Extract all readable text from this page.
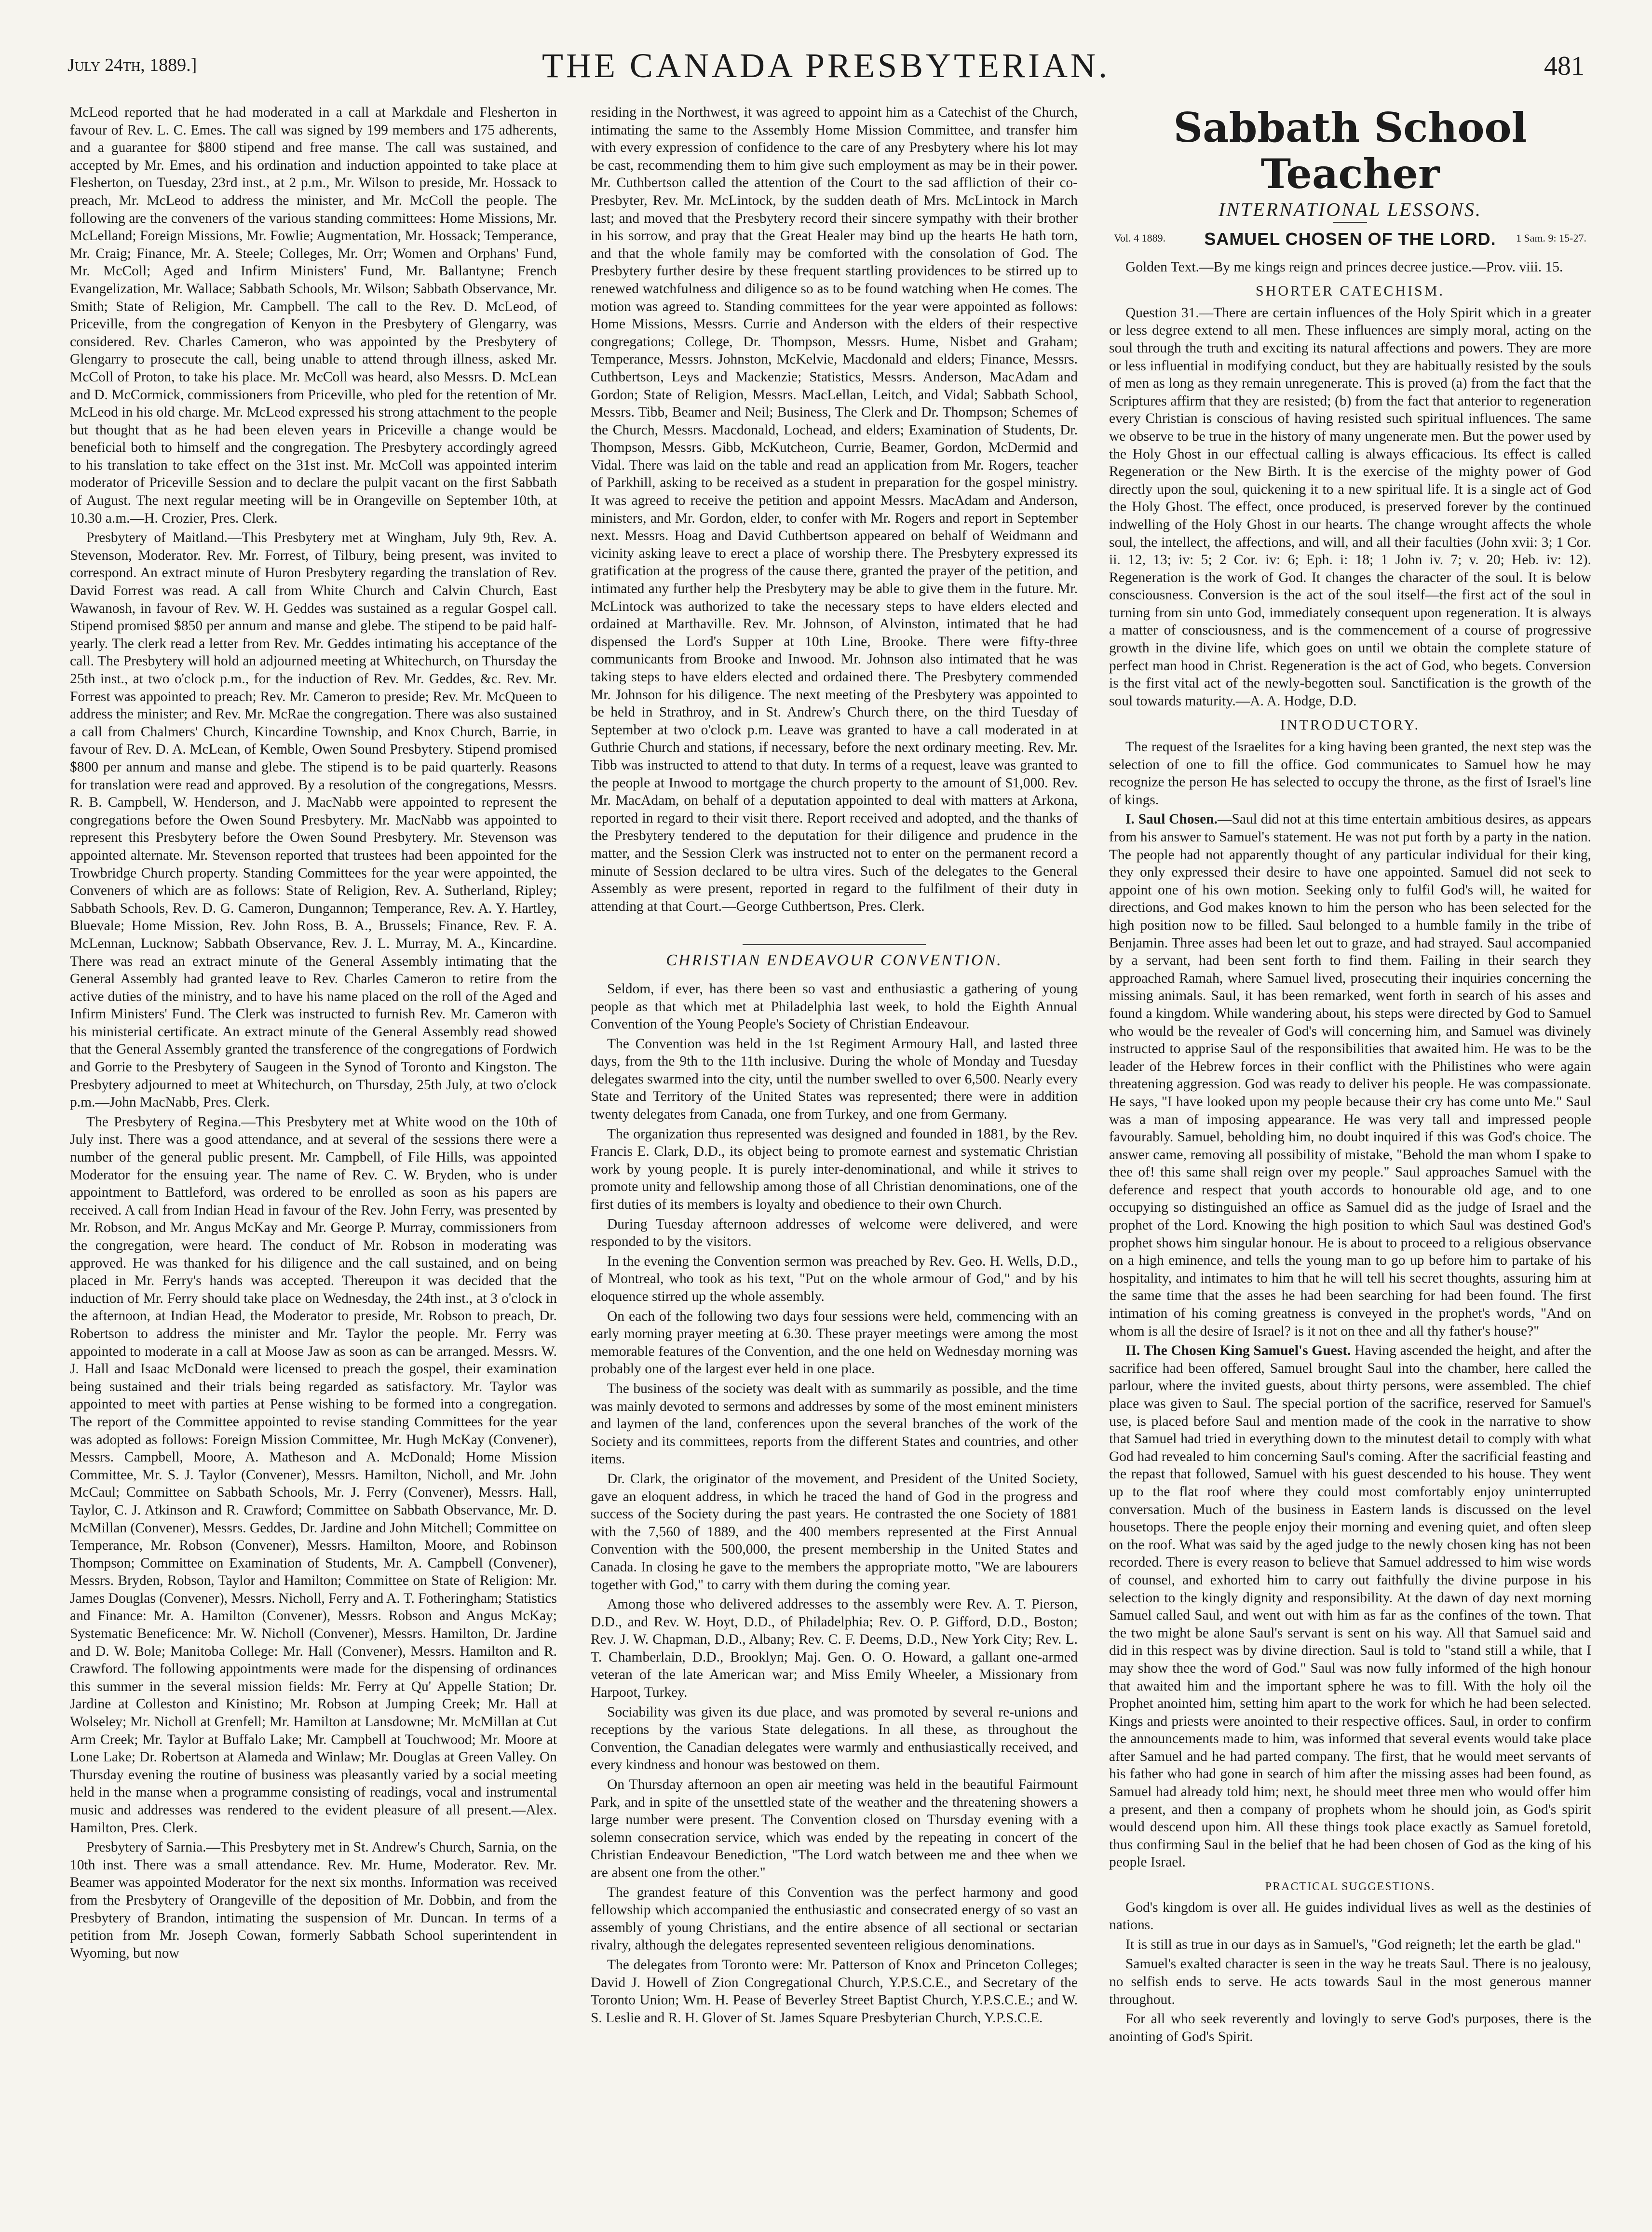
July 24th, 1889.]	THE CANADA PRESBYTERIAN.	481

McLeod reported that he had moderated in a call at Markdale and Flesherton in favour of Rev. L. C. Emes. The call was signed by 199 members and 175 adherents, and a guarantee for $800 stipend and free manse. The call was sustained, and accepted by Mr. Emes, and his ordination and induction appointed to take place at Flesherton, on Tuesday, 23rd inst., at 2 p.m., Mr. Wilson to preside, Mr. Hossack to preach, Mr. McLeod to address the minister, and Mr. McColl the people. The following are the conveners of the various standing committees: Home Missions, Mr. McLelland; Foreign Missions, Mr. Fowlie; Augmentation, Mr. Hossack; Temperance, Mr. Craig; Finance, Mr. A. Steele; Colleges, Mr. Orr; Women and Orphans' Fund, Mr. McColl; Aged and Infirm Ministers' Fund, Mr. Ballantyne; French Evangelization, Mr. Wallace; Sabbath Schools, Mr. Wilson; Sabbath Observance, Mr. Smith; State of Religion, Mr. Campbell. The call to the Rev. D. McLeod, of Priceville, from the congregation of Kenyon in the Presbytery of Glengarry, was considered. Rev. Charles Cameron, who was appointed by the Presbytery of Glengarry to prosecute the call, being unable to attend through illness, asked Mr. McColl of Proton, to take his place. Mr. McColl was heard, also Messrs. D. McLean and D. McCormick, commissioners from Priceville, who pled for the retention of Mr. McLeod in his old charge. Mr. McLeod expressed his strong attachment to the people but thought that as he had been eleven years in Priceville a change would be beneficial both to himself and the congregation. The Presbytery accordingly agreed to his translation to take effect on the 31st inst. Mr. McColl was appointed interim moderator of Priceville Session and to declare the pulpit vacant on the first Sabbath of August. The next regular meeting will be in Orangeville on September 10th, at 10.30 a.m.—H. Crozier, Pres. Clerk.

Presbytery of Maitland.—This Presbytery met at Wingham, July 9th, Rev. A. Stevenson, Moderator. Rev. Mr. Forrest, of Tilbury, being present, was invited to correspond. An extract minute of Huron Presbytery regarding the translation of Rev. David Forrest was read. A call from White Church and Calvin Church, East Wawanosh, in favour of Rev. W. H. Geddes was sustained as a regular Gospel call. Stipend promised $850 per annum and manse and glebe. The stipend to be paid half-yearly. The clerk read a letter from Rev. Mr. Geddes intimating his acceptance of the call. The Presbytery will hold an adjourned meeting at Whitechurch, on Thursday the 25th inst., at two o'clock p.m., for the induction of Rev. Mr. Geddes, &c. Rev. Mr. Forrest was appointed to preach; Rev. Mr. Cameron to preside; Rev. Mr. McQueen to address the minister; and Rev. Mr. McRae the congregation. There was also sustained a call from Chalmers' Church, Kincardine Township, and Knox Church, Barrie, in favour of Rev. D. A. McLean, of Kemble, Owen Sound Presbytery. Stipend promised $800 per annum and manse and glebe. The stipend is to be paid quarterly. Reasons for translation were read and approved. By a resolution of the congregations, Messrs. R. B. Campbell, W. Henderson, and J. MacNabb were appointed to represent the congregations before the Owen Sound Presbytery. Mr. MacNabb was appointed to represent this Presbytery before the Owen Sound Presbytery. Mr. Stevenson was appointed alternate. Mr. Stevenson reported that trustees had been appointed for the Trowbridge Church property. Standing Committees for the year were appointed, the Conveners of which are as follows: State of Religion, Rev. A. Sutherland, Ripley; Sabbath Schools, Rev. D. G. Cameron, Dungannon; Temperance, Rev. A. Y. Hartley, Bluevale; Home Mission, Rev. John Ross, B. A., Brussels; Finance, Rev. F. A. McLennan, Lucknow; Sabbath Observance, Rev. J. L. Murray, M. A., Kincardine. There was read an extract minute of the General Assembly intimating that the General Assembly had granted leave to Rev. Charles Cameron to retire from the active duties of the ministry, and to have his name placed on the roll of the Aged and Infirm Ministers' Fund. The Clerk was instructed to furnish Rev. Mr. Cameron with his ministerial certificate. An extract minute of the General Assembly read showed that the General Assembly granted the transference of the congregations of Fordwich and Gorrie to the Presbytery of Saugeen in the Synod of Toronto and Kingston. The Presbytery adjourned to meet at Whitechurch, on Thursday, 25th July, at two o'clock p.m.—John MacNabb, Pres. Clerk.

The Presbytery of Regina.—This Presbytery met at White wood on the 10th of July inst. There was a good attendance, and at several of the sessions there were a number of the general public present. Mr. Campbell, of File Hills, was appointed Moderator for the ensuing year. The name of Rev. C. W. Bryden, who is under appointment to Battleford, was ordered to be enrolled as soon as his papers are received. A call from Indian Head in favour of the Rev. John Ferry, was presented by Mr. Robson, and Mr. Angus McKay and Mr. George P. Murray, commissioners from the congregation, were heard. The conduct of Mr. Robson in moderating was approved. He was thanked for his diligence and the call sustained, and on being placed in Mr. Ferry's hands was accepted. Thereupon it was decided that the induction of Mr. Ferry should take place on Wednesday, the 24th inst., at 3 o'clock in the afternoon, at Indian Head, the Moderator to preside, Mr. Robson to preach, Dr. Robertson to address the minister and Mr. Taylor the people. Mr. Ferry was appointed to moderate in a call at Moose Jaw as soon as can be arranged. Messrs. W. J. Hall and Isaac McDonald were licensed to preach the gospel, their examination being sustained and their trials being regarded as satisfactory. Mr. Taylor was appointed to meet with parties at Pense wishing to be formed into a congregation. The report of the Committee appointed to revise standing Committees for the year was adopted as follows: Foreign Mission Committee, Mr. Hugh McKay (Convener), Messrs. Campbell, Moore, A. Matheson and A. McDonald; Home Mission Committee, Mr. S. J. Taylor (Convener), Messrs. Hamilton, Nicholl, and Mr. John McCaul; Committee on Sabbath Schools, Mr. J. Ferry (Convener), Messrs. Hall, Taylor, C. J. Atkinson and R. Crawford; Committee on Sabbath Observance, Mr. D. McMillan (Convener), Messrs. Geddes, Dr. Jardine and John Mitchell; Committee on Temperance, Mr. Robson (Convener), Messrs. Hamilton, Moore, and Robinson Thompson; Committee on Examination of Students, Mr. A. Campbell (Convener), Messrs. Bryden, Robson, Taylor and Hamilton; Committee on State of Religion: Mr. James Douglas (Convener), Messrs. Nicholl, Ferry and A. T. Fotheringham; Statistics and Finance: Mr. A. Hamilton (Convener), Messrs. Robson and Angus McKay; Systematic Beneficence: Mr. W. Nicholl (Convener), Messrs. Hamilton, Dr. Jardine and D. W. Bole; Manitoba College: Mr. Hall (Convener), Messrs. Hamilton and R. Crawford. The following appointments were made for the dispensing of ordinances this summer in the several mission fields: Mr. Ferry at Qu' Appelle Station; Dr. Jardine at Colleston and Kinistino; Mr. Robson at Jumping Creek; Mr. Hall at Wolseley; Mr. Nicholl at Grenfell; Mr. Hamilton at Lansdowne; Mr. McMillan at Cut Arm Creek; Mr. Taylor at Buffalo Lake; Mr. Campbell at Touchwood; Mr. Moore at Lone Lake; Dr. Robertson at Alameda and Winlaw; Mr. Douglas at Green Valley. On Thursday evening the routine of business was pleasantly varied by a social meeting held in the manse when a programme consisting of readings, vocal and instrumental music and addresses was rendered to the evident pleasure of all present.—Alex. Hamilton, Pres. Clerk.

Presbytery of Sarnia.—This Presbytery met in St. Andrew's Church, Sarnia, on the 10th inst. There was a small attendance. Rev. Mr. Hume, Moderator. Rev. Mr. Beamer was appointed Moderator for the next six months. Information was received from the Presbytery of Orangeville of the deposition of Mr. Dobbin, and from the Presbytery of Brandon, intimating the suspension of Mr. Duncan. In terms of a petition from Mr. Joseph Cowan, formerly Sabbath School superintendent in Wyoming, but now

residing in the Northwest, it was agreed to appoint him as a Catechist of the Church, intimating the same to the Assembly Home Mission Committee, and transfer him with every expression of confidence to the care of any Presbytery where his lot may be cast, recommending them to him give such employment as may be in their power. Mr. Cuthbertson called the attention of the Court to the sad affliction of their co-Presbyter, Rev. Mr. McLintock, by the sudden death of Mrs. McLintock in March last; and moved that the Presbytery record their sincere sympathy with their brother in his sorrow, and pray that the Great Healer may bind up the hearts He hath torn, and that the whole family may be comforted with the consolation of God. The Presbytery further desire by these frequent startling providences to be stirred up to renewed watchfulness and diligence so as to be found watching when He comes. The motion was agreed to. Standing committees for the year were appointed as follows: Home Missions, Messrs. Currie and Anderson with the elders of their respective congregations; College, Dr. Thompson, Messrs. Hume, Nisbet and Graham; Temperance, Messrs. Johnston, McKelvie, Macdonald and elders; Finance, Messrs. Cuthbertson, Leys and Mackenzie; Statistics, Messrs. Anderson, MacAdam and Gordon; State of Religion, Messrs. MacLellan, Leitch, and Vidal; Sabbath School, Messrs. Tibb, Beamer and Neil; Business, The Clerk and Dr. Thompson; Schemes of the Church, Messrs. Macdonald, Lochead, and elders; Examination of Students, Dr. Thompson, Messrs. Gibb, McKutcheon, Currie, Beamer, Gordon, McDermid and Vidal. There was laid on the table and read an application from Mr. Rogers, teacher of Parkhill, asking to be received as a student in preparation for the gospel ministry. It was agreed to receive the petition and appoint Messrs. MacAdam and Anderson, ministers, and Mr. Gordon, elder, to confer with Mr. Rogers and report in September next. Messrs. Hoag and David Cuthbertson appeared on behalf of Weidmann and vicinity asking leave to erect a place of worship there. The Presbytery expressed its gratification at the progress of the cause there, granted the prayer of the petition, and intimated any further help the Presbytery may be able to give them in the future. Mr. McLintock was authorized to take the necessary steps to have elders elected and ordained at Marthaville. Rev. Mr. Johnson, of Alvinston, intimated that he had dispensed the Lord's Supper at 10th Line, Brooke. There were fifty-three communicants from Brooke and Inwood. Mr. Johnson also intimated that he was taking steps to have elders elected and ordained there. The Presbytery commended Mr. Johnson for his diligence. The next meeting of the Presbytery was appointed to be held in Strathroy, and in St. Andrew's Church there, on the third Tuesday of September at two o'clock p.m. Leave was granted to have a call moderated in at Guthrie Church and stations, if necessary, before the next ordinary meeting. Rev. Mr. Tibb was instructed to attend to that duty. In terms of a request, leave was granted to the people at Inwood to mortgage the church property to the amount of $1,000. Rev. Mr. MacAdam, on behalf of a deputation appointed to deal with matters at Arkona, reported in regard to their visit there. Report received and adopted, and the thanks of the Presbytery tendered to the deputation for their diligence and prudence in the matter, and the Session Clerk was instructed not to enter on the permanent record a minute of Session declared to be ultra vires. Such of the delegates to the General Assembly as were present, reported in regard to the fulfilment of their duty in attending at that Court.—George Cuthbertson, Pres. Clerk.

CHRISTIAN ENDEAVOUR CONVENTION.

Seldom, if ever, has there been so vast and enthusiastic a gathering of young people as that which met at Philadelphia last week, to hold the Eighth Annual Convention of the Young People's Society of Christian Endeavour.

The Convention was held in the 1st Regiment Armoury Hall, and lasted three days, from the 9th to the 11th inclusive. During the whole of Monday and Tuesday delegates swarmed into the city, until the number swelled to over 6,500. Nearly every State and Territory of the United States was represented; there were in addition twenty delegates from Canada, one from Turkey, and one from Germany.

The organization thus represented was designed and founded in 1881, by the Rev. Francis E. Clark, D.D., its object being to promote earnest and systematic Christian work by young people. It is purely inter-denominational, and while it strives to promote unity and fellowship among those of all Christian denominations, one of the first duties of its members is loyalty and obedience to their own Church.

During Tuesday afternoon addresses of welcome were delivered, and were responded to by the visitors.

In the evening the Convention sermon was preached by Rev. Geo. H. Wells, D.D., of Montreal, who took as his text, "Put on the whole armour of God," and by his eloquence stirred up the whole assembly.

On each of the following two days four sessions were held, commencing with an early morning prayer meeting at 6.30. These prayer meetings were among the most memorable features of the Convention, and the one held on Wednesday morning was probably one of the largest ever held in one place.

The business of the society was dealt with as summarily as possible, and the time was mainly devoted to sermons and addresses by some of the most eminent ministers and laymen of the land, conferences upon the several branches of the work of the Society and its committees, reports from the different States and countries, and other items.

Dr. Clark, the originator of the movement, and President of the United Society, gave an eloquent address, in which he traced the hand of God in the progress and success of the Society during the past years. He contrasted the one Society of 1881 with the 7,560 of 1889, and the 400 members represented at the First Annual Convention with the 500,000, the present membership in the United States and Canada. In closing he gave to the members the appropriate motto, "We are labourers together with God," to carry with them during the coming year.

Among those who delivered addresses to the assembly were Rev. A. T. Pierson, D.D., and Rev. W. Hoyt, D.D., of Philadelphia; Rev. O. P. Gifford, D.D., Boston; Rev. J. W. Chapman, D.D., Albany; Rev. C. F. Deems, D.D., New York City; Rev. L. T. Chamberlain, D.D., Brooklyn; Maj. Gen. O. O. Howard, a gallant one-armed veteran of the late American war; and Miss Emily Wheeler, a Missionary from Harpoot, Turkey.

Sociability was given its due place, and was promoted by several re-unions and receptions by the various State delegations. In all these, as throughout the Convention, the Canadian delegates were warmly and enthusiastically received, and every kindness and honour was bestowed on them.

On Thursday afternoon an open air meeting was held in the beautiful Fairmount Park, and in spite of the unsettled state of the weather and the threatening showers a large number were present. The Convention closed on Thursday evening with a solemn consecration service, which was ended by the repeating in concert of the Christian Endeavour Benediction, "The Lord watch between me and thee when we are absent one from the other."

The grandest feature of this Convention was the perfect harmony and good fellowship which accompanied the enthusiastic and consecrated energy of so vast an assembly of young Christians, and the entire absence of all sectional or sectarian rivalry, although the delegates represented seventeen religious denominations.

The delegates from Toronto were: Mr. Patterson of Knox and Princeton Colleges; David J. Howell of Zion Congregational Church, Y.P.S.C.E., and Secretary of the Toronto Union; Wm. H. Pease of Beverley Street Baptist Church, Y.P.S.C.E.; and W. S. Leslie and R. H. Glover of St. James Square Presbyterian Church, Y.P.S.C.E.

Sabbath School Teacher
INTERNATIONAL LESSONS.
Vol. 4 1889.	SAMUEL CHOSEN OF THE LORD.	1 Sam. 9: 15-27.

Golden Text.—By me kings reign and princes decree justice.—Prov. viii. 15.

SHORTER CATECHISM.

Question 31.—There are certain influences of the Holy Spirit which in a greater or less degree extend to all men. These influences are simply moral, acting on the soul through the truth and exciting its natural affections and powers. They are more or less influential in modifying conduct, but they are habitually resisted by the souls of men as long as they remain unregenerate. This is proved (a) from the fact that the Scriptures affirm that they are resisted; (b) from the fact that anterior to regeneration every Christian is conscious of having resisted such spiritual influences. The same we observe to be true in the history of many ungenerate men. But the power used by the Holy Ghost in our effectual calling is always efficacious. Its effect is called Regeneration or the New Birth. It is the exercise of the mighty power of God directly upon the soul, quickening it to a new spiritual life. It is a single act of God the Holy Ghost. The effect, once produced, is preserved forever by the continued indwelling of the Holy Ghost in our hearts. The change wrought affects the whole soul, the intellect, the affections, and will, and all their faculties (John xvii: 3; 1 Cor. ii. 12, 13; iv: 5; 2 Cor. iv: 6; Eph. i: 18; 1 John iv. 7; v. 20; Heb. iv: 12). Regeneration is the work of God. It changes the character of the soul. It is below consciousness. Conversion is the act of the soul itself—the first act of the soul in turning from sin unto God, immediately consequent upon regeneration. It is always a matter of consciousness, and is the commencement of a course of progressive growth in the divine life, which goes on until we obtain the complete stature of perfect man hood in Christ. Regeneration is the act of God, who begets. Conversion is the first vital act of the newly-begotten soul. Sanctification is the growth of the soul towards maturity.—A. A. Hodge, D.D.

INTRODUCTORY.

The request of the Israelites for a king having been granted, the next step was the selection of one to fill the office. God communicates to Samuel how he may recognize the person He has selected to occupy the throne, as the first of Israel's line of kings.

I. Saul Chosen.—Saul did not at this time entertain ambitious desires, as appears from his answer to Samuel's statement. He was not put forth by a party in the nation. The people had not apparently thought of any particular individual for their king, they only expressed their desire to have one appointed. Samuel did not seek to appoint one of his own motion. Seeking only to fulfil God's will, he waited for directions, and God makes known to him the person who has been selected for the high position now to be filled. Saul belonged to a humble family in the tribe of Benjamin. Three asses had been let out to graze, and had strayed. Saul accompanied by a servant, had been sent forth to find them. Failing in their search they approached Ramah, where Samuel lived, prosecuting their inquiries concerning the missing animals. Saul, it has been remarked, went forth in search of his asses and found a kingdom. While wandering about, his steps were directed by God to Samuel who would be the revealer of God's will concerning him, and Samuel was divinely instructed to apprise Saul of the responsibilities that awaited him. He was to be the leader of the Hebrew forces in their conflict with the Philistines who were again threatening aggression. God was ready to deliver his people. He was compassionate. He says, "I have looked upon my people because their cry has come unto Me." Saul was a man of imposing appearance. He was very tall and impressed people favourably. Samuel, beholding him, no doubt inquired if this was God's choice. The answer came, removing all possibility of mistake, "Behold the man whom I spake to thee of! this same shall reign over my people." Saul approaches Samuel with the deference and respect that youth accords to honourable old age, and to one occupying so distinguished an office as Samuel did as the judge of Israel and the prophet of the Lord. Knowing the high position to which Saul was destined God's prophet shows him singular honour. He is about to proceed to a religious observance on a high eminence, and tells the young man to go up before him to partake of his hospitality, and intimates to him that he will tell his secret thoughts, assuring him at the same time that the asses he had been searching for had been found. The first intimation of his coming greatness is conveyed in the prophet's words, "And on whom is all the desire of Israel? is it not on thee and all thy father's house?"

II. The Chosen King Samuel's Guest. Having ascended the height, and after the sacrifice had been offered, Samuel brought Saul into the chamber, here called the parlour, where the invited guests, about thirty persons, were assembled. The chief place was given to Saul. The special portion of the sacrifice, reserved for Samuel's use, is placed before Saul and mention made of the cook in the narrative to show that Samuel had tried in everything down to the minutest detail to comply with what God had revealed to him concerning Saul's coming. After the sacrificial feasting and the repast that followed, Samuel with his guest descended to his house. They went up to the flat roof where they could most comfortably enjoy uninterrupted conversation. Much of the business in Eastern lands is discussed on the level housetops. There the people enjoy their morning and evening quiet, and often sleep on the roof. What was said by the aged judge to the newly chosen king has not been recorded. There is every reason to believe that Samuel addressed to him wise words of counsel, and exhorted him to carry out faithfully the divine purpose in his selection to the kingly dignity and responsibility. At the dawn of day next morning Samuel called Saul, and went out with him as far as the confines of the town. That the two might be alone Saul's servant is sent on his way. All that Samuel said and did in this respect was by divine direction. Saul is told to "stand still a while, that I may show thee the word of God." Saul was now fully informed of the high honour that awaited him and the important sphere he was to fill. With the holy oil the Prophet anointed him, setting him apart to the work for which he had been selected. Kings and priests were anointed to their respective offices. Saul, in order to confirm the announcements made to him, was informed that several events would take place after Samuel and he had parted company. The first, that he would meet servants of his father who had gone in search of him after the missing asses had been found, as Samuel had already told him; next, he should meet three men who would offer him a present, and then a company of prophets whom he should join, as God's spirit would descend upon him. All these things took place exactly as Samuel foretold, thus confirming Saul in the belief that he had been chosen of God as the king of his people Israel.

PRACTICAL SUGGESTIONS.

God's kingdom is over all. He guides individual lives as well as the destinies of nations.

It is still as true in our days as in Samuel's, "God reigneth; let the earth be glad."

Samuel's exalted character is seen in the way he treats Saul. There is no jealousy, no selfish ends to serve. He acts towards Saul in the most generous manner throughout.

For all who seek reverently and lovingly to serve God's purposes, there is the anointing of God's Spirit.
